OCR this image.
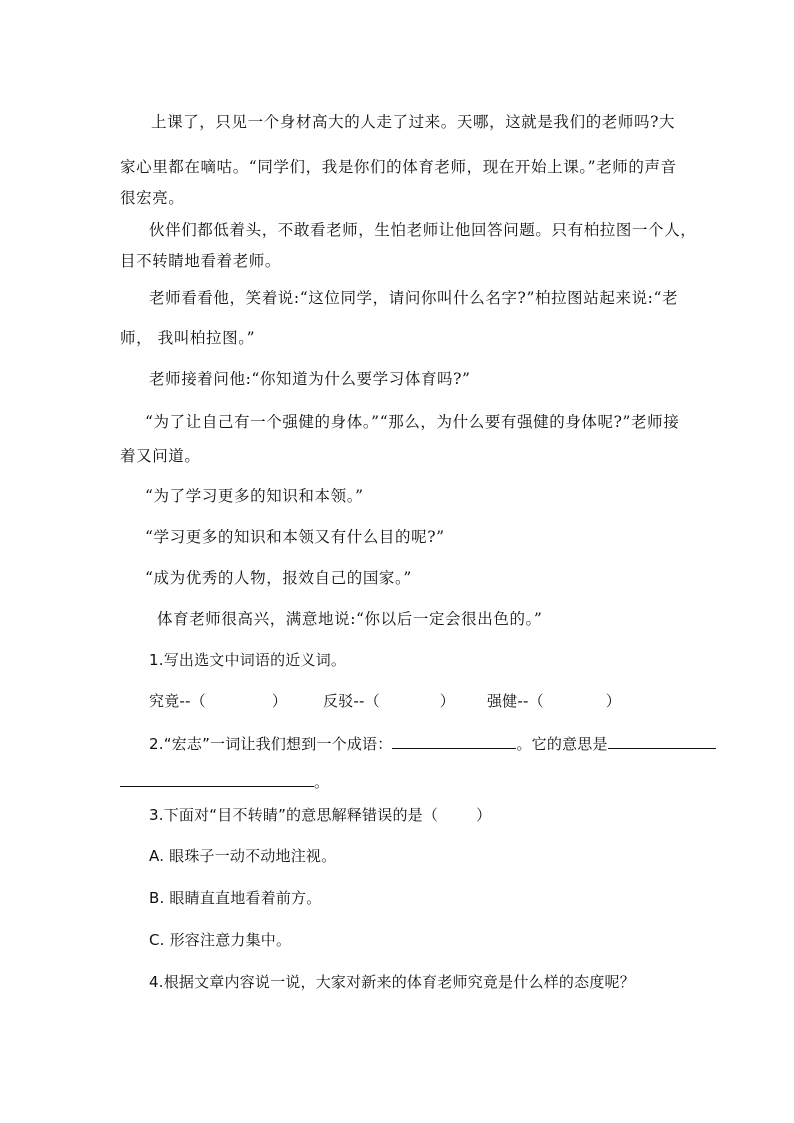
上课了，只见一个身材高大的人走了过来。天哪，这就是我们的老师吗?大
家心里都在嘀咕。“同学们，我是你们的体育老师，现在开始上课。”老师的声音
很宏亮。
伙伴们都低着头，不敢看老师，生怕老师让他回答问题。只有柏拉图一个人，
目不转睛地看着老师。
老师看看他，笑着说:“这位同学，请问你叫什么名字?”柏拉图站起来说:“老
师， 我叫柏拉图。”
老师接着问他:“你知道为什么要学习体育吗?”
“为了让自己有一个强健的身体。”“那么，为什么要有强健的身体呢?”老师接
着又问道。
“为了学习更多的知识和本领。”
“学习更多的知识和本领又有什么目的呢?”
“成为优秀的人物，报效自己的国家。”
体育老师很高兴，满意地说:“你以后一定会很出色的。”
1.写出选文中词语的近义词。
究竟--（	） 反驳--（	） 强健--（	）
2.“宏志”一词让我们想到一个成语：	。它的意思是
。
3.下面对“目不转睛”的意思解释错误的是（	）
A. 眼珠子一动不动地注视。
B. 眼睛直直地看着前方。
C. 形容注意力集中。
4.根据文章内容说一说，大家对新来的体育老师究竟是什么样的态度呢？
